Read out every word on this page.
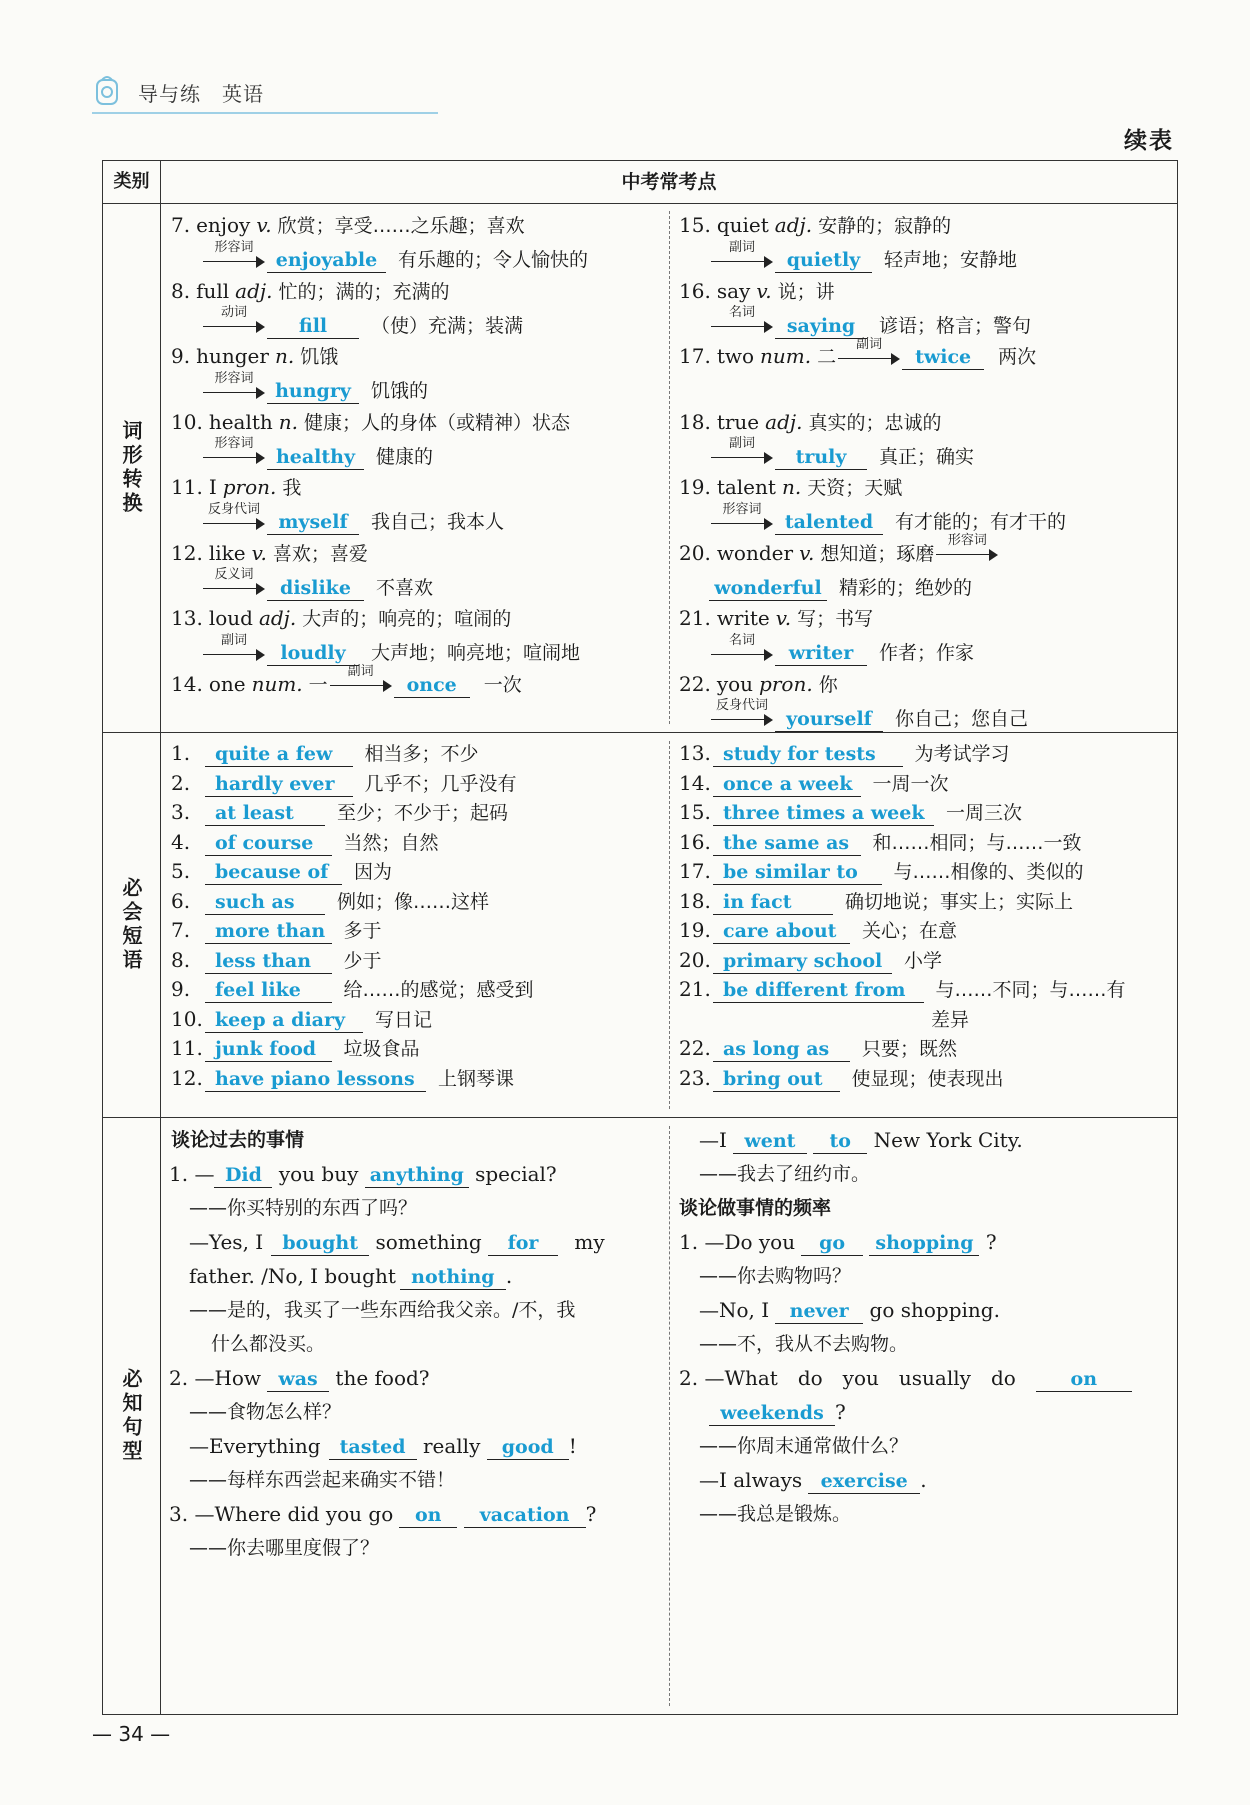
导与练　英语
续表
类别	中考常考点
词形转换
7. enjoy v. 欣赏；享受……之乐趣；喜欢
形容词
enjoyable 有乐趣的；令人愉快的
8. full adj. 忙的；满的；充满的
动词
fill （使）充满；装满
9. hunger n. 饥饿
形容词
hungry 饥饿的
10. health n. 健康；人的身体（或精神）状态
形容词
healthy 健康的
11. I pron. 我
反身代词
myself 我自己；我本人
12. like v. 喜欢；喜爱
反义词
dislike 不喜欢
13. loud adj. 大声的；响亮的；喧闹的
副词
loudly 大声地；响亮地；喧闹地
14. one num. 一
副词
once 一次
15. quiet adj. 安静的；寂静的
副词
quietly 轻声地；安静地
16. say v. 说；讲
名词
saying 谚语；格言；警句
17. two num. 二
副词
twice 两次
18. true adj. 真实的；忠诚的
副词
truly 真正；确实
19. talent n. 天资；天赋
形容词
talented 有才能的；有才干的
20. wonder v. 想知道；琢磨
形容词
wonderful 精彩的；绝妙的
21. write v. 写；书写
名词
writer 作者；作家
22. you pron. 你
反身代词
yourself 你自己；您自己
必会短语
1. quite a few 相当多；不少
2. hardly ever 几乎不；几乎没有
3. at least 至少；不少于；起码
4. of course 当然；自然
5. because of 因为
6. such as 例如；像……这样
7. more than 多于
8. less than 少于
9. feel like 给……的感觉；感受到
10. keep a diary 写日记
11. junk food 垃圾食品
12. have piano lessons 上钢琴课
13. study for tests 为考试学习
14. once a week 一周一次
15. three times a week 一周三次
16. the same as 和……相同；与……一致
17. be similar to 与……相像的、类似的
18. in fact	确切地说；事实上；实际上
19. care about 关心；在意
20. primary school 小学
21. be different from 与……不同；与……有
差异
22. as long as 只要；既然
23. bring out 使显现；使表现出
必知句型
谈论过去的事情
1. — Did you buy anything special?
——你买特别的东西了吗？
—Yes, I bought something for my
father. /No, I bought nothing .
——是的，我买了一些东西给我父亲。/不，我
什么都没买。
2. —How was the food?
——食物怎么样？
—Everything tasted really good !
——每样东西尝起来确实不错！
3. —Where did you go on vacation ?
——你去哪里度假了？
—I went to New York City.
——我去了纽约市。
谈论做事情的频率
1. —Do you go shopping ?
——你去购物吗？
—No, I never go shopping.
——不，我从不去购物。
2. —What　do　you　usually　do	on
weekends ?
——你周末通常做什么？
—I always exercise .
——我总是锻炼。
— 34 —
